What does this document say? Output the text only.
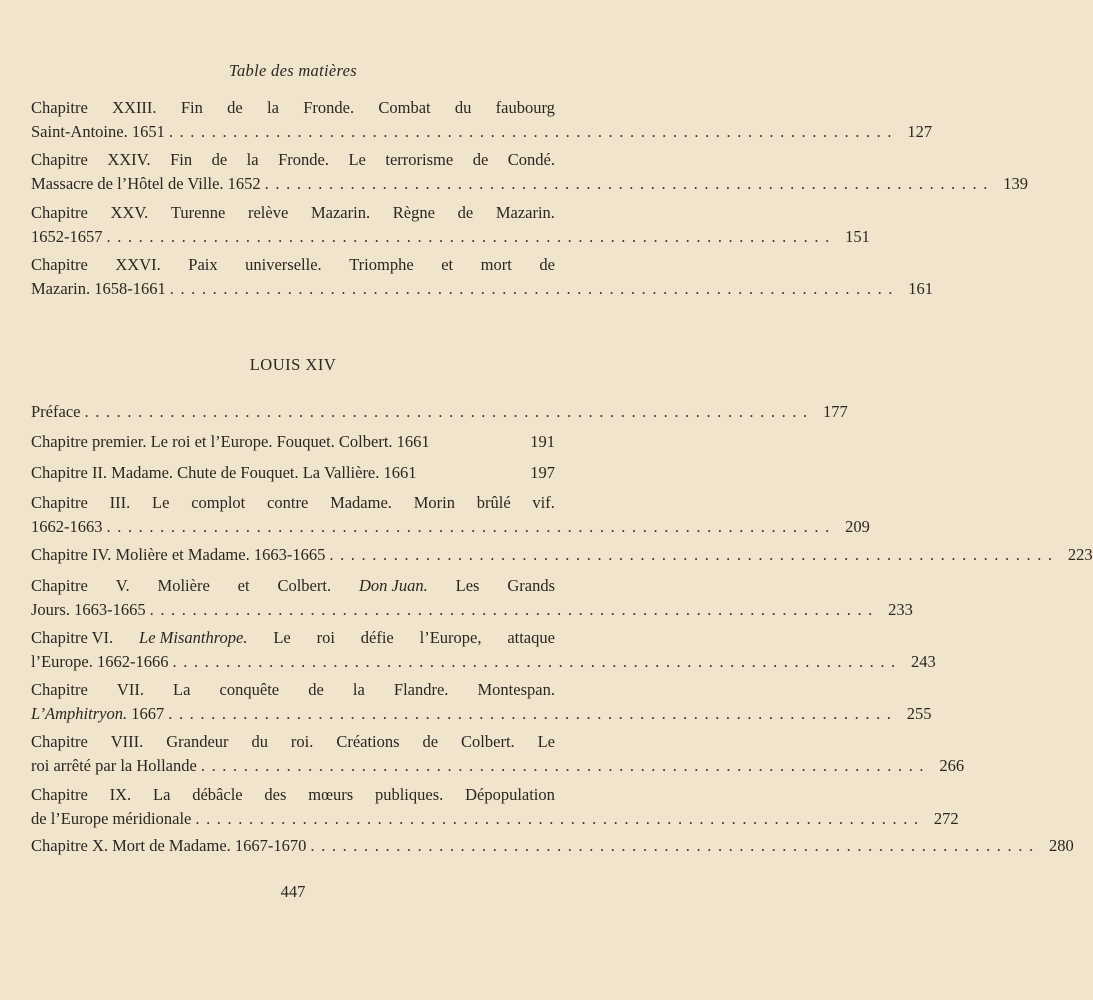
Table des matières
Chapitre XXIII. Fin de la Fronde. Combat du faubourg
Saint-Antoine. 1651 .................................................................... 127
Chapitre XXIV. Fin de la Fronde. Le terrorisme de Condé.
Massacre de l’Hôtel de Ville. 1652 .................................................................... 139
Chapitre XXV. Turenne relève Mazarin. Règne de Mazarin.
1652-1657 .................................................................... 151
Chapitre XXVI. Paix universelle. Triomphe et mort de
Mazarin. 1658-1661 .................................................................... 161
LOUIS XIV
Préface .................................................................... 177
Chapitre premier. Le roi et l’Europe. Fouquet. Colbert. 1661	191
Chapitre II. Madame. Chute de Fouquet. La Vallière. 1661	197
Chapitre III. Le complot contre Madame. Morin brûlé vif.
1662-1663 .................................................................... 209
Chapitre IV. Molière et Madame. 1663-1665 .................................................................... 223
Chapitre V. Molière et Colbert. Don Juan. Les Grands
Jours. 1663-1665 .................................................................... 233
Chapitre VI. Le Misanthrope. Le roi défie l’Europe, attaque
l’Europe. 1662-1666 .................................................................... 243
Chapitre VII. La conquête de la Flandre. Montespan.
L’Amphitryon. 1667 .................................................................... 255
Chapitre VIII. Grandeur du roi. Créations de Colbert. Le
roi arrêté par la Hollande .................................................................... 266
Chapitre IX. La débâcle des mœurs publiques. Dépopulation
de l’Europe méridionale .................................................................... 272
Chapitre X. Mort de Madame. 1667-1670 .................................................................... 280
447
